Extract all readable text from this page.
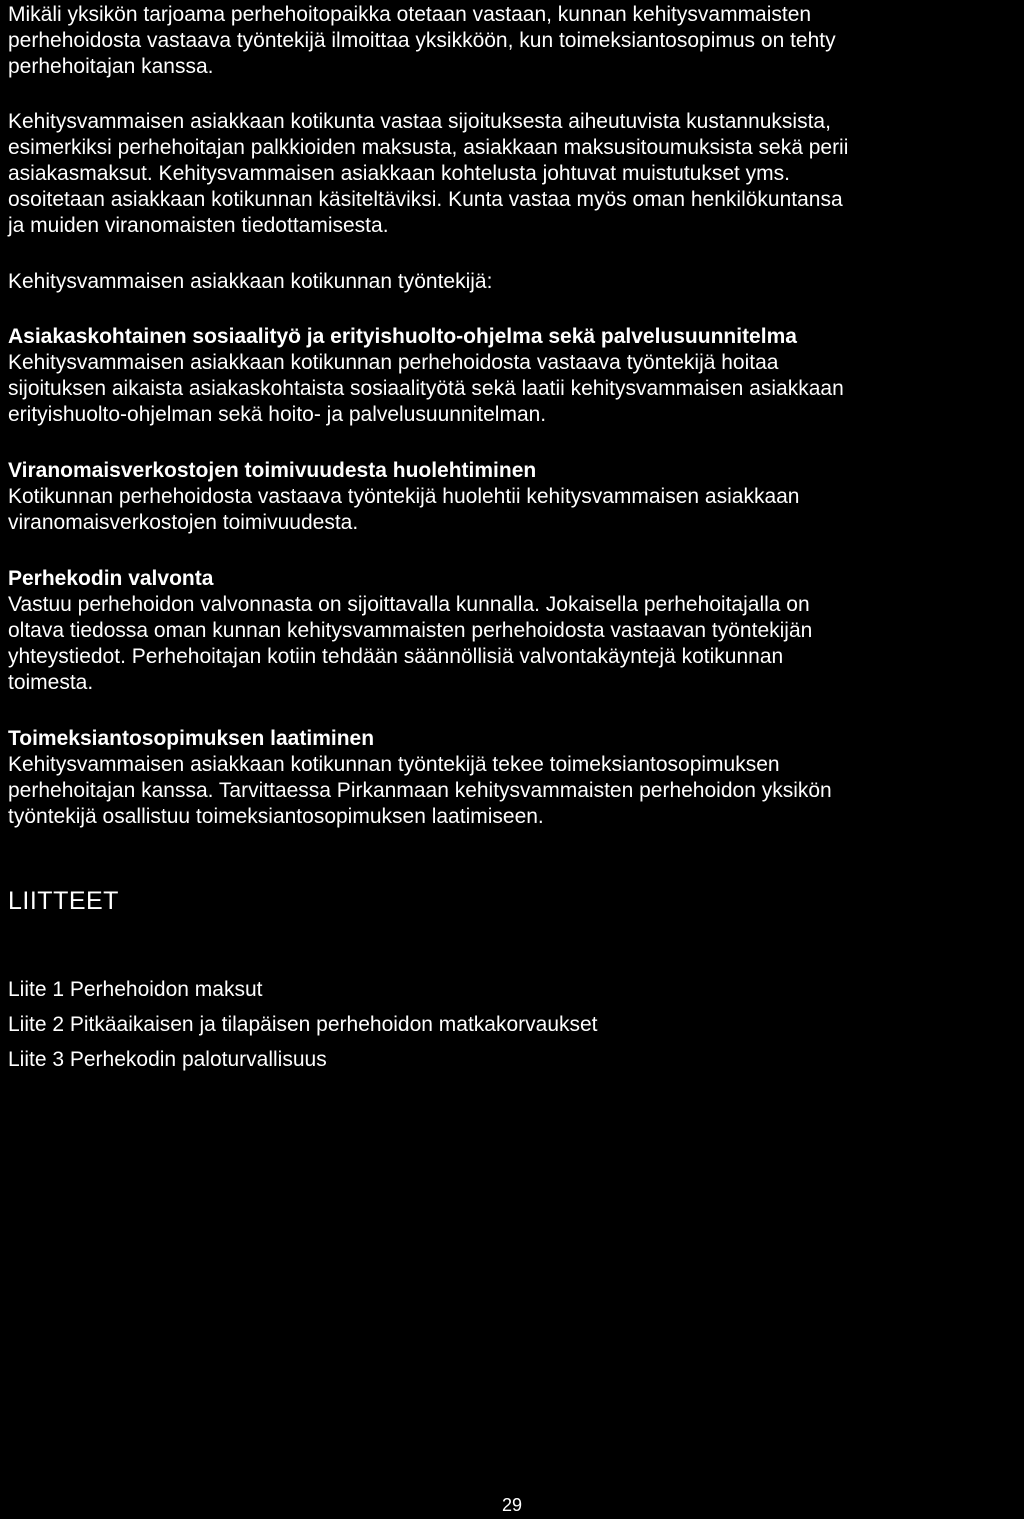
Mikäli yksikön tarjoama perhehoitopaikka otetaan vastaan, kunnan kehitysvammaisten
perhehoidosta vastaava työntekijä ilmoittaa yksikköön, kun toimeksiantosopimus on tehty
perhehoitajan kanssa.

Kehitysvammaisen asiakkaan kotikunta vastaa sijoituksesta aiheutuvista kustannuksista,
esimerkiksi perhehoitajan palkkioiden maksusta, asiakkaan maksusitoumuksista sekä perii
asiakasmaksut. Kehitysvammaisen asiakkaan kohtelusta johtuvat muistutukset yms.
osoitetaan asiakkaan kotikunnan käsiteltäviksi. Kunta vastaa myös oman henkilökuntansa
ja muiden viranomaisten tiedottamisesta.

Kehitysvammaisen asiakkaan kotikunnan työntekijä:

Asiakaskohtainen sosiaalityö ja erityishuolto-ohjelma sekä palvelusuunnitelma
Kehitysvammaisen asiakkaan kotikunnan perhehoidosta vastaava työntekijä hoitaa
sijoituksen aikaista asiakaskohtaista sosiaalityötä sekä laatii kehitysvammaisen asiakkaan
erityishuolto-ohjelman sekä hoito- ja palvelusuunnitelman.
Viranomaisverkostojen toimivuudesta huolehtiminen
Kotikunnan perhehoidosta vastaava työntekijä huolehtii kehitysvammaisen asiakkaan
viranomaisverkostojen toimivuudesta.
Perhekodin valvonta
Vastuu perhehoidon valvonnasta on sijoittavalla kunnalla. Jokaisella perhehoitajalla on
oltava tiedossa oman kunnan kehitysvammaisten perhehoidosta vastaavan työntekijän
yhteystiedot. Perhehoitajan kotiin tehdään säännöllisiä valvontakäyntejä kotikunnan
toimesta.
Toimeksiantosopimuksen laatiminen
Kehitysvammaisen asiakkaan kotikunnan työntekijä tekee toimeksiantosopimuksen
perhehoitajan kanssa. Tarvittaessa Pirkanmaan kehitysvammaisten perhehoidon yksikön
työntekijä osallistuu toimeksiantosopimuksen laatimiseen.
LIITTEET
Liite 1 Perhehoidon maksut
Liite 2 Pitkäaikaisen ja tilapäisen perhehoidon matkakorvaukset
Liite 3 Perhekodin paloturvallisuus
29
